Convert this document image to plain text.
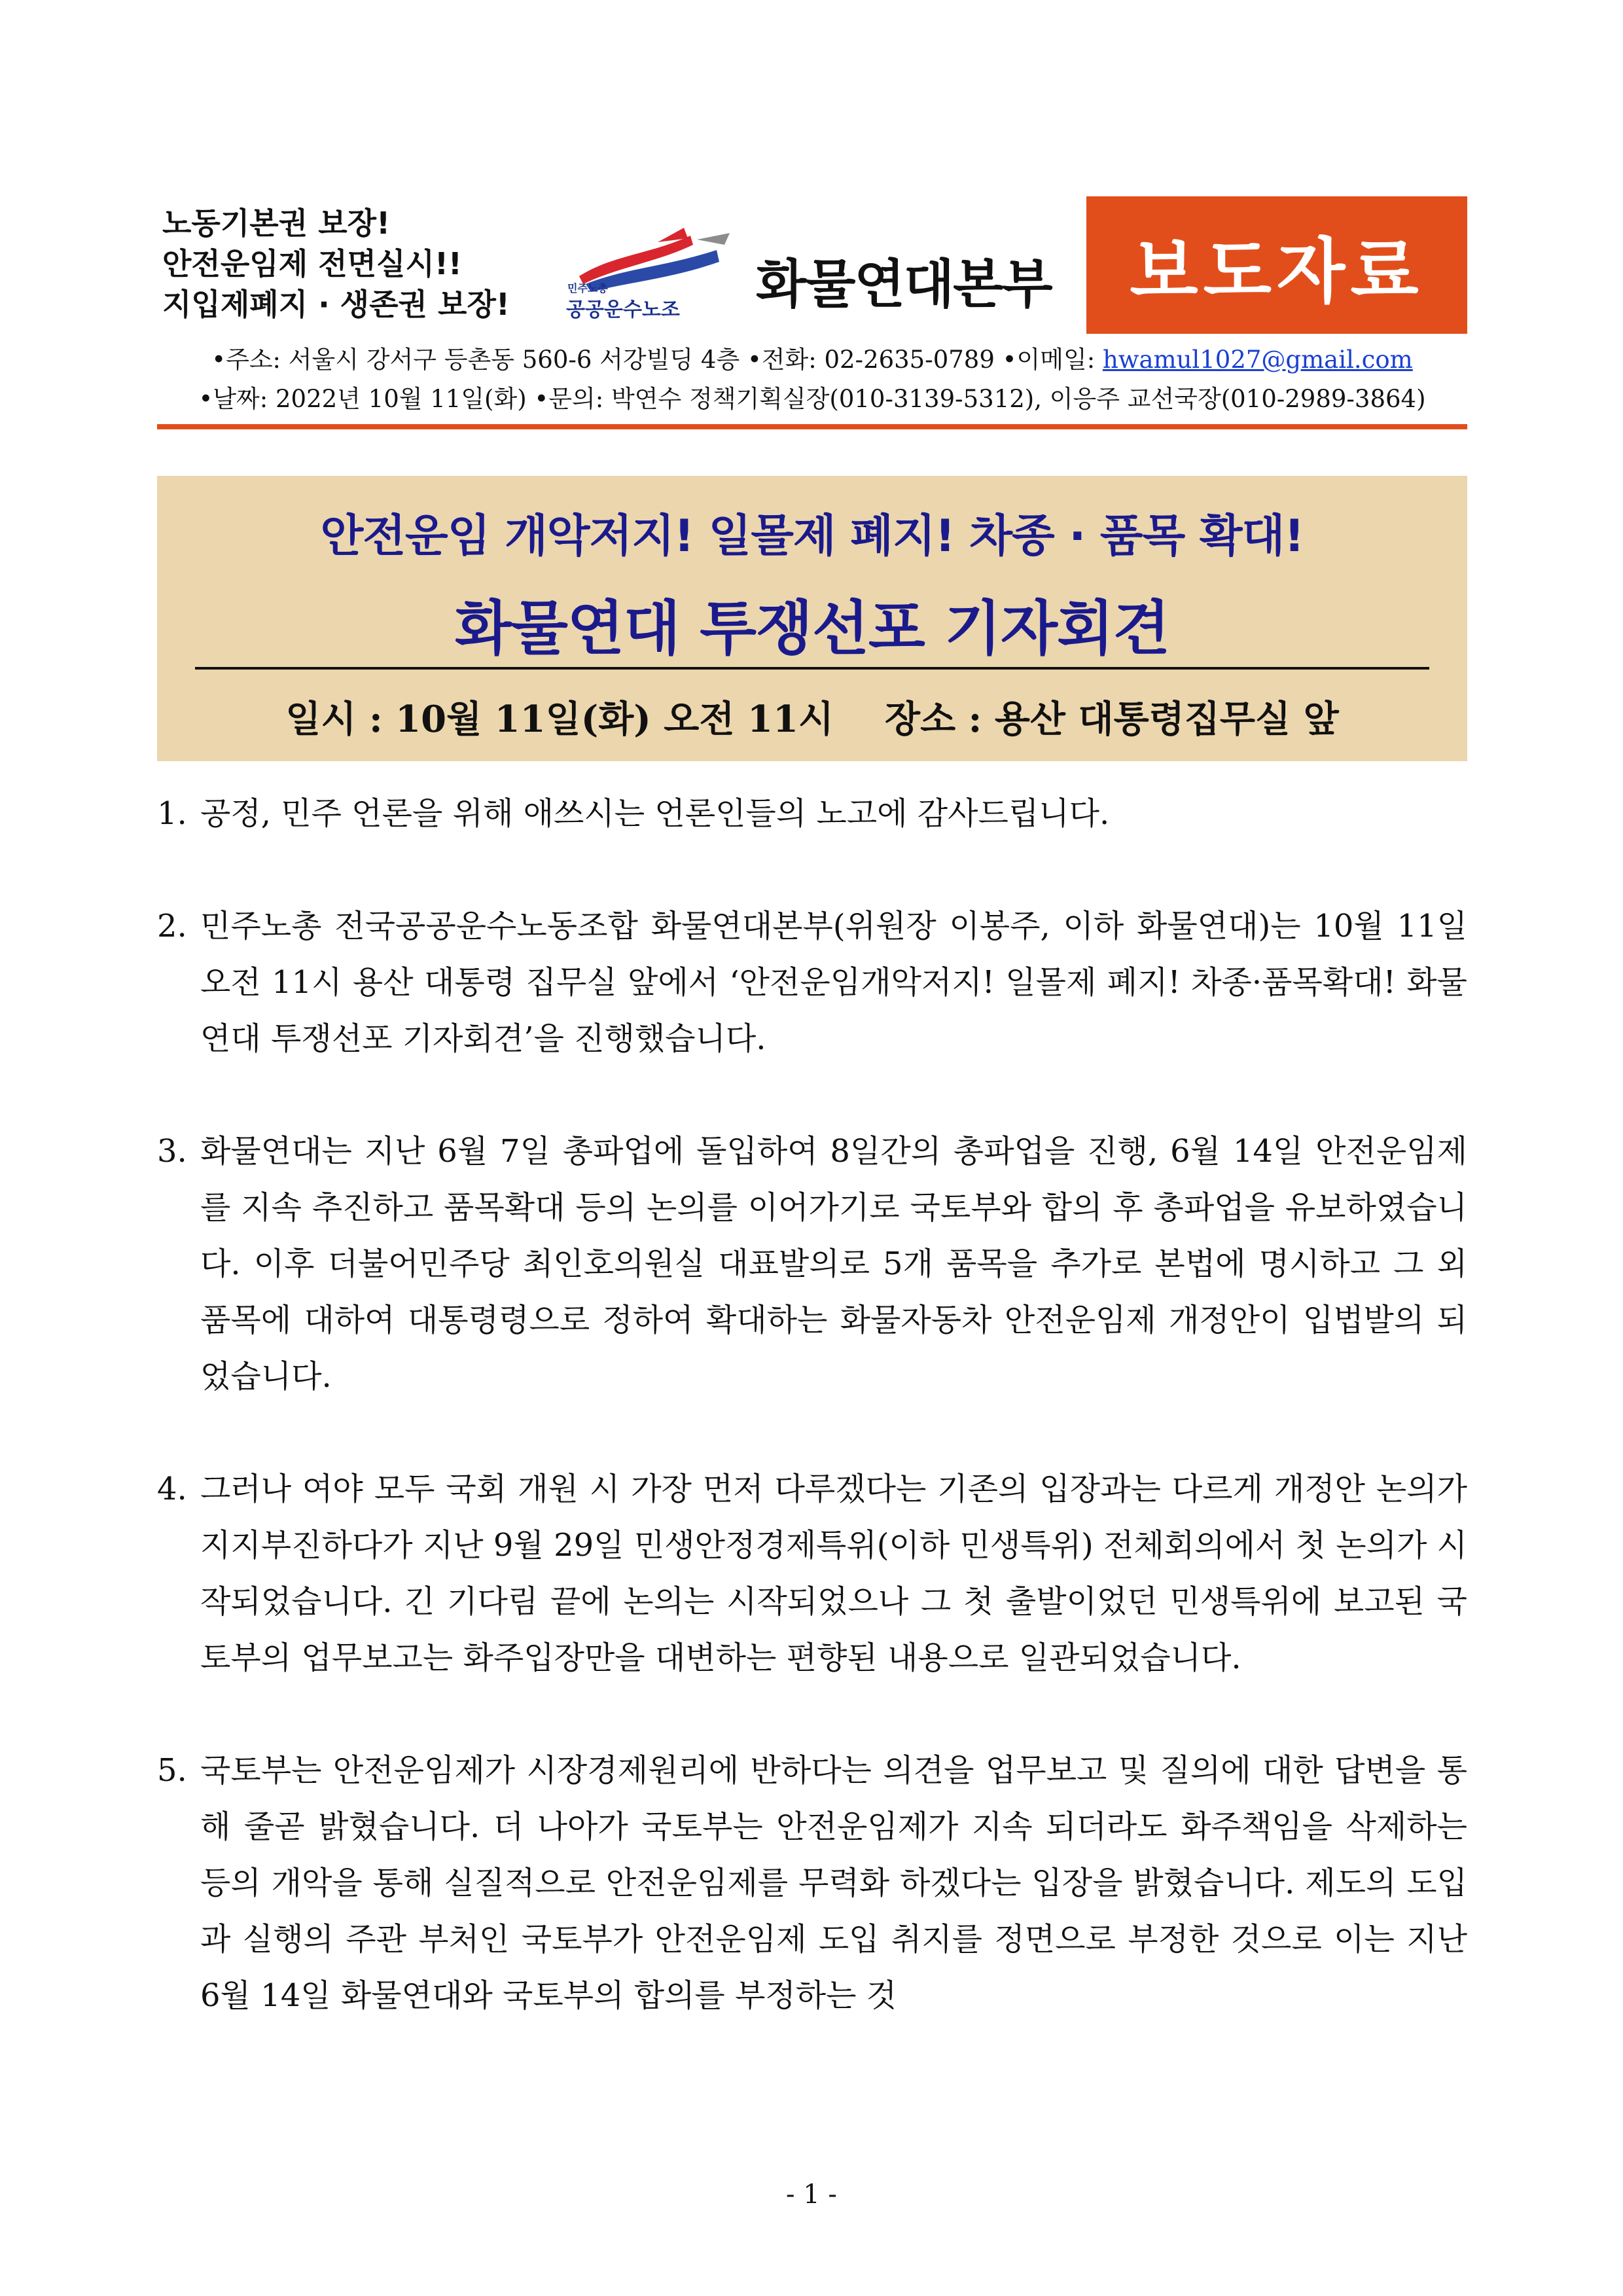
노동기본권 보장!
안전운임제 전면실시!!
지입제폐지 · 생존권 보장!	민주노총
공공운수노조 화물연대본부	보도자료
•주소: 서울시 강서구 등촌동 560-6 서강빌딩 4층 •전화: 02-2635-0789 •이메일: hwamul1027@gmail.com
•날짜: 2022년 10월 11일(화) •문의: 박연수 정책기획실장(010-3139-5312), 이응주 교선국장(010-2989-3864)
안전운임 개악저지! 일몰제 폐지! 차종 · 품목 확대!
화물연대 투쟁선포 기자회견
일시 : 10월 11일(화) 오전 11시    장소 : 용산 대통령집무실 앞
1. 공정, 민주 언론을 위해 애쓰시는 언론인들의 노고에 감사드립니다.
2. 민주노총 전국공공운수노동조합 화물연대본부(위원장 이봉주, 이하 화물연대)는 10월 11일 오전 11시 용산 대통령 집무실 앞에서 ‘안전운임개악저지! 일몰제 폐지! 차종·품목확대! 화물연대 투쟁선포 기자회견’을 진행했습니다.
3. 화물연대는 지난 6월 7일 총파업에 돌입하여 8일간의 총파업을 진행, 6월 14일 안전운임제를 지속 추진하고 품목확대 등의 논의를 이어가기로 국토부와 합의 후 총파업을 유보하였습니다. 이후 더불어민주당 최인호의원실 대표발의로 5개 품목을 추가로 본법에 명시하고 그 외 품목에 대하여 대통령령으로 정하여 확대하는 화물자동차 안전운임제 개정안이 입법발의 되었습니다.
4. 그러나 여야 모두 국회 개원 시 가장 먼저 다루겠다는 기존의 입장과는 다르게 개정안 논의가 지지부진하다가 지난 9월 29일 민생안정경제특위(이하 민생특위) 전체회의에서 첫 논의가 시작되었습니다. 긴 기다림 끝에 논의는 시작되었으나 그 첫 출발이었던 민생특위에 보고된 국토부의 업무보고는 화주입장만을 대변하는 편향된 내용으로 일관되었습니다.
5. 국토부는 안전운임제가 시장경제원리에 반하다는 의견을 업무보고 및 질의에 대한 답변을 통해 줄곧 밝혔습니다. 더 나아가 국토부는 안전운임제가 지속 되더라도 화주책임을 삭제하는 등의 개악을 통해 실질적으로 안전운임제를 무력화 하겠다는 입장을 밝혔습니다. 제도의 도입과 실행의 주관 부처인 국토부가 안전운임제 도입 취지를 정면으로 부정한 것으로 이는 지난 6월 14일 화물연대와 국토부의 합의를 부정하는 것
- 1 -
